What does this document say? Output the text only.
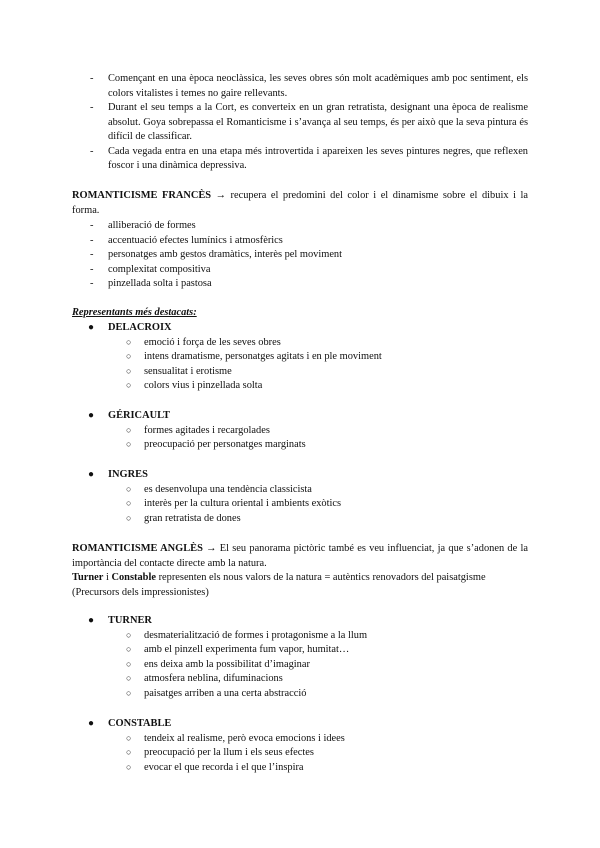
- Començant en una època neoclàssica, les seves obres són molt acadèmiques amb poc sentiment, els colors vitalistes i temes no gaire rellevants.
- Durant el seu temps a la Cort, es converteix en un gran retratista, designant una època de realisme absolut. Goya sobrepassa el Romanticisme i s’avança al seu temps, és per això que la seva pintura és difícil de classificar.
- Cada vegada entra en una etapa més introvertida i apareixen les seves pintures negres, que reflexen foscor i una dinàmica depressiva.

ROMANTICISME FRANCÈS → recupera el predomini del color i el dinamisme sobre el dibuix i la forma.

- alliberació de formes
- accentuació efectes lumínics i atmosfèrics
- personatges amb gestos dramàtics, interès pel moviment
- complexitat compositiva
- pinzellada solta i pastosa

Representants més destacats:

● DELACROIX
○ emoció i força de les seves obres
○ intens dramatisme, personatges agitats i en ple moviment
○ sensualitat i erotisme
○ colors vius i pinzellada solta
● GÉRICAULT
○ formes agitades i recargolades
○ preocupació per personatges marginats
● INGRES
○ es desenvolupa una tendència classicista
○ interès per la cultura oriental i ambients exòtics
○ gran retratista de dones

ROMANTICISME ANGLÈS → El seu panorama pictòric també es veu influenciat, ja que s’adonen de la importància del contacte directe amb la natura.

Turner i Constable representen els nous valors de la natura = autèntics renovadors del paisatgisme

(Precursors dels impressionistes)

● TURNER
○ desmaterialització de formes i protagonisme a la llum
○ amb el pinzell experimenta fum vapor, humitat…
○ ens deixa amb la possibilitat d’imaginar
○ atmosfera neblina, difuminacions
○ paisatges arriben a una certa abstracció
● CONSTABLE
○ tendeix al realisme, però evoca emocions i idees
○ preocupació per la llum i els seus efectes
○ evocar el que recorda i el que l’inspira
